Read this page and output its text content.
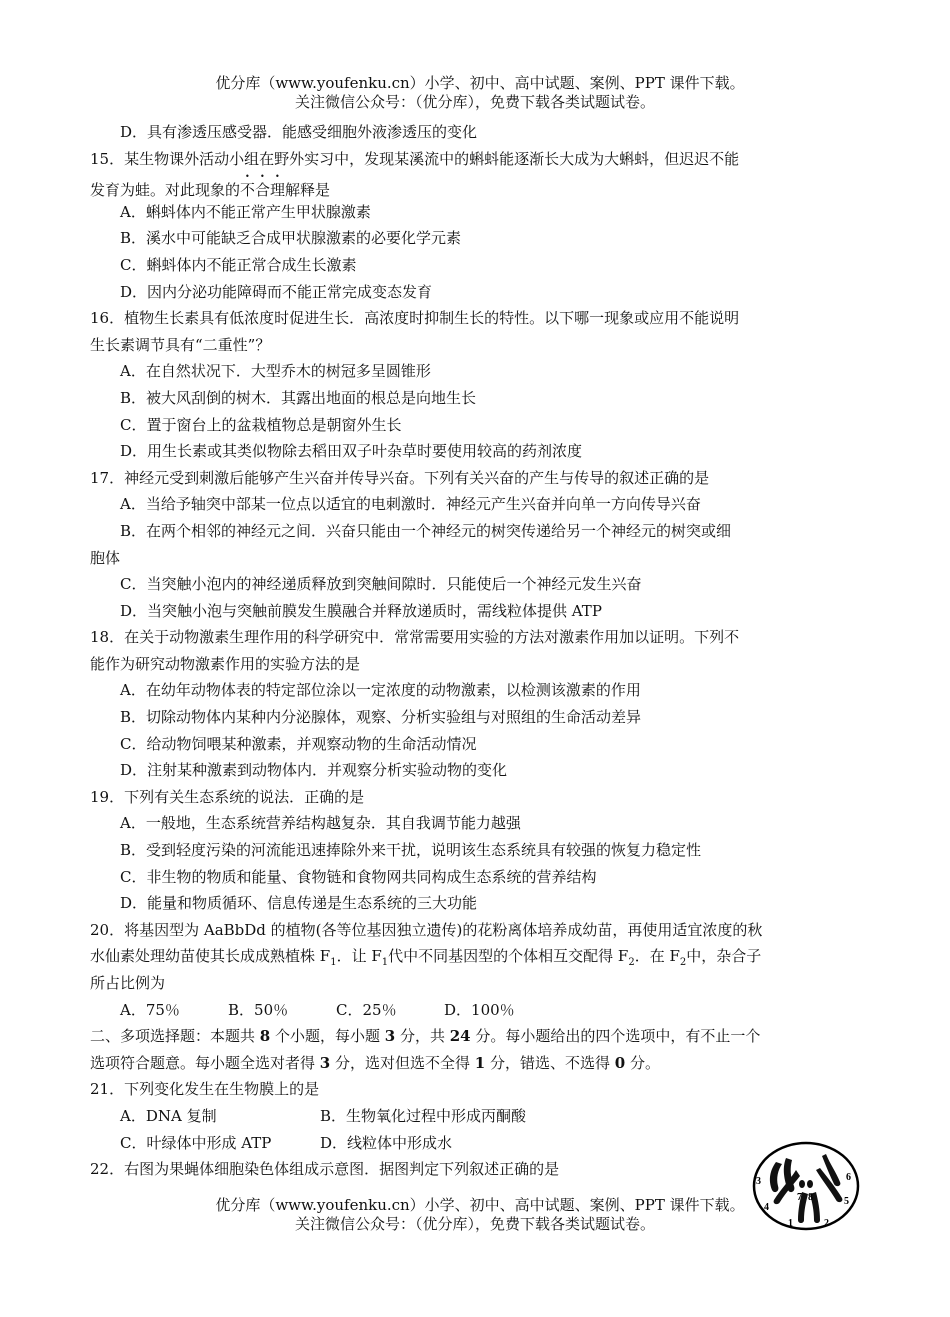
优分库（www.youfenku.cn）小学、初中、高中试题、案例、PPT 课件下载。
关注微信公众号：（优分库），免费下载各类试题试卷。
D．具有渗透压感受器．能感受细胞外液渗透压的变化
15．某生物课外活动小组在野外实习中，发现某溪流中的蝌蚪能逐渐长大成为大蝌蚪，但迟迟不能
发育为蛙。对此现象的不合理解释是
A．蝌蚪体内不能正常产生甲状腺激素
B．溪水中可能缺乏合成甲状腺激素的必要化学元素
C．蝌蚪体内不能正常合成生长激素
D．因内分泌功能障碍而不能正常完成变态发育
16．植物生长素具有低浓度时促进生长．高浓度时抑制生长的特性。以下哪一现象或应用不能说明
生长素调节具有“二重性”？
A．在自然状况下．大型乔木的树冠多呈圆锥形
B．被大风刮倒的树木．其露出地面的根总是向地生长
C．置于窗台上的盆栽植物总是朝窗外生长
D．用生长素或其类似物除去稻田双子叶杂草时要使用较高的药剂浓度
17．神经元受到刺激后能够产生兴奋并传导兴奋。下列有关兴奋的产生与传导的叙述正确的是
A．当给予轴突中部某一位点以适宜的电刺激时．神经元产生兴奋并向单一方向传导兴奋
B．在两个相邻的神经元之间．兴奋只能由一个神经元的树突传递给另一个神经元的树突或细
胞体
C．当突触小泡内的神经递质释放到突触间隙时．只能使后一个神经元发生兴奋
D．当突触小泡与突触前膜发生膜融合并释放递质时，需线粒体提供 ATP
18．在关于动物激素生理作用的科学研究中．常常需要用实验的方法对激素作用加以证明。下列不
能作为研究动物激素作用的实验方法的是
A．在幼年动物体表的特定部位涂以一定浓度的动物激素，以检测该激素的作用
B．切除动物体内某种内分泌腺体，观察、分析实验组与对照组的生命活动差异
C．给动物饲喂某种激素，并观察动物的生命活动情况
D．注射某种激素到动物体内．并观察分析实验动物的变化
19．下列有关生态系统的说法．正确的是
A．一般地，生态系统营养结构越复杂．其自我调节能力越强
B．受到轻度污染的河流能迅速捧除外来干扰，说明该生态系统具有较强的恢复力稳定性
C．非生物的物质和能量、食物链和食物网共同构成生态系统的营养结构
D．能量和物质循环、信息传递是生态系统的三大功能
20．将基因型为 AaBbDd 的植物(各等位基因独立遗传)的花粉离体培养成幼苗，再使用适宜浓度的秋
水仙素处理幼苗使其长成成熟植株 $F_1$．让 $F_1$代中不同基因型的个体相互交配得 $F_2$．在 $F_2$中，杂合子
所占比例为
A．75％	B．50％	C．25％	D．100％
二、多项选择题：本题共 8 个小题，每小题 3 分，共 24 分。每小题给出的四个选项中，有不止一个
选项符合题意。每小题全选对者得 3 分，选对但选不全得 1 分，错选、不选得 0 分。
21．下列变化发生在生物膜上的是
A．DNA 复制	B．生物氧化过程中形成丙酮酸
C．叶绿体中形成 ATP	D．线粒体中形成水
22．右图为果蝇体细胞染色体组成示意图．据图判定下列叙述正确的是
3
4
7 8
6
5
1	2
优分库（www.youfenku.cn）小学、初中、高中试题、案例、PPT 课件下载。
关注微信公众号：（优分库），免费下载各类试题试卷。
